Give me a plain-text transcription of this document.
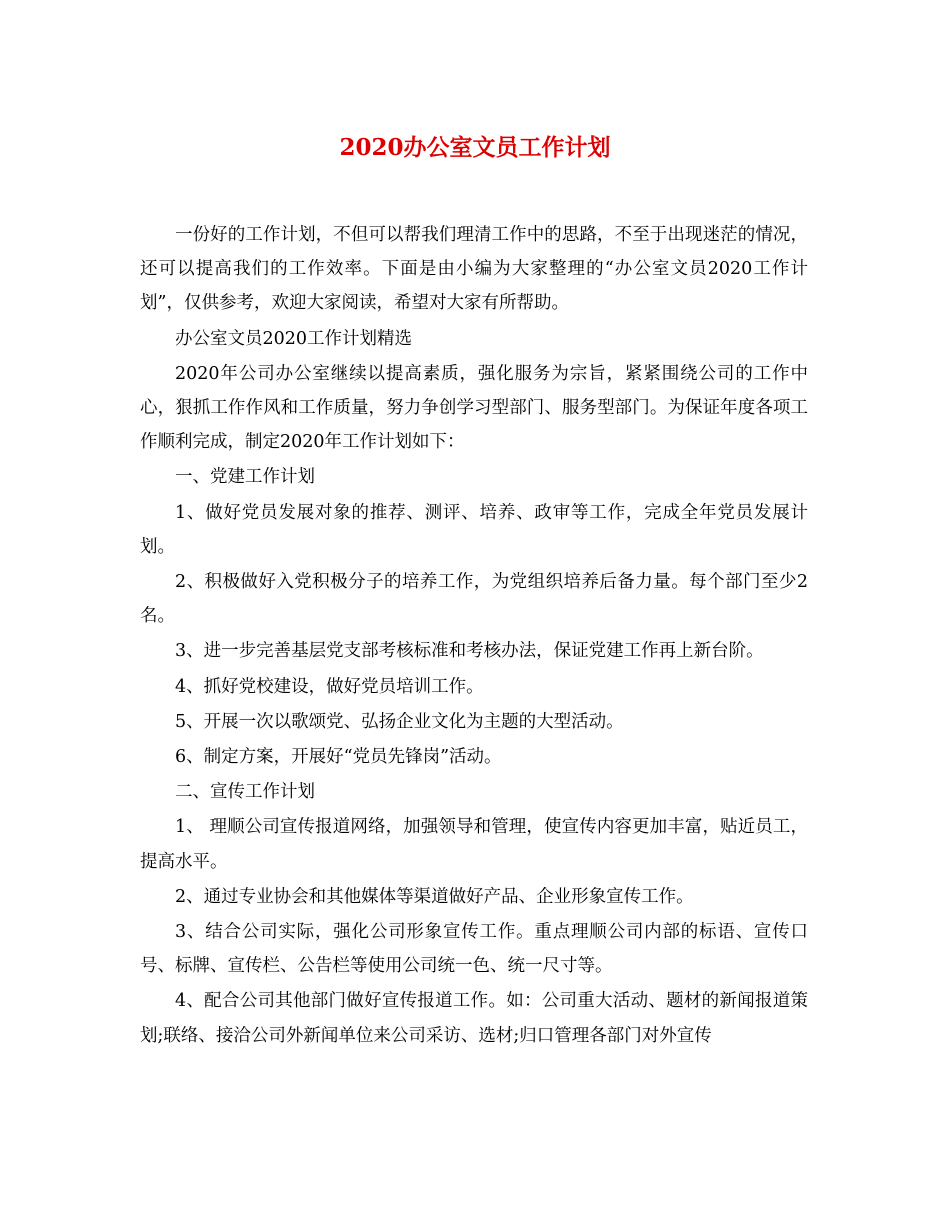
2020办公室文员工作计划

一份好的工作计划，不但可以帮我们理清工作中的思路，不至于出现迷茫的情况，还可以提高我们的工作效率。下面是由小编为大家整理的“办公室文员2020工作计划”，仅供参考，欢迎大家阅读，希望对大家有所帮助。

办公室文员2020工作计划精选

2020年公司办公室继续以提高素质，强化服务为宗旨，紧紧围绕公司的工作中心，狠抓工作作风和工作质量，努力争创学习型部门、服务型部门。为保证年度各项工作顺利完成，制定2020年工作计划如下：

一、党建工作计划

1、做好党员发展对象的推荐、测评、培养、政审等工作，完成全年党员发展计划。

2、积极做好入党积极分子的培养工作，为党组织培养后备力量。每个部门至少2名。

3、进一步完善基层党支部考核标准和考核办法，保证党建工作再上新台阶。

4、抓好党校建设，做好党员培训工作。

5、开展一次以歌颂党、弘扬企业文化为主题的大型活动。

6、制定方案，开展好“党员先锋岗”活动。

二、宣传工作计划

1、 理顺公司宣传报道网络，加强领导和管理，使宣传内容更加丰富，贴近员工，提高水平。

2、通过专业协会和其他媒体等渠道做好产品、企业形象宣传工作。

3、结合公司实际，强化公司形象宣传工作。重点理顺公司内部的标语、宣传口号、标牌、宣传栏、公告栏等使用公司统一色、统一尺寸等。

4、配合公司其他部门做好宣传报道工作。如：公司重大活动、题材的新闻报道策划;联络、接洽公司外新闻单位来公司采访、选材;归口管理各部门对外宣传
